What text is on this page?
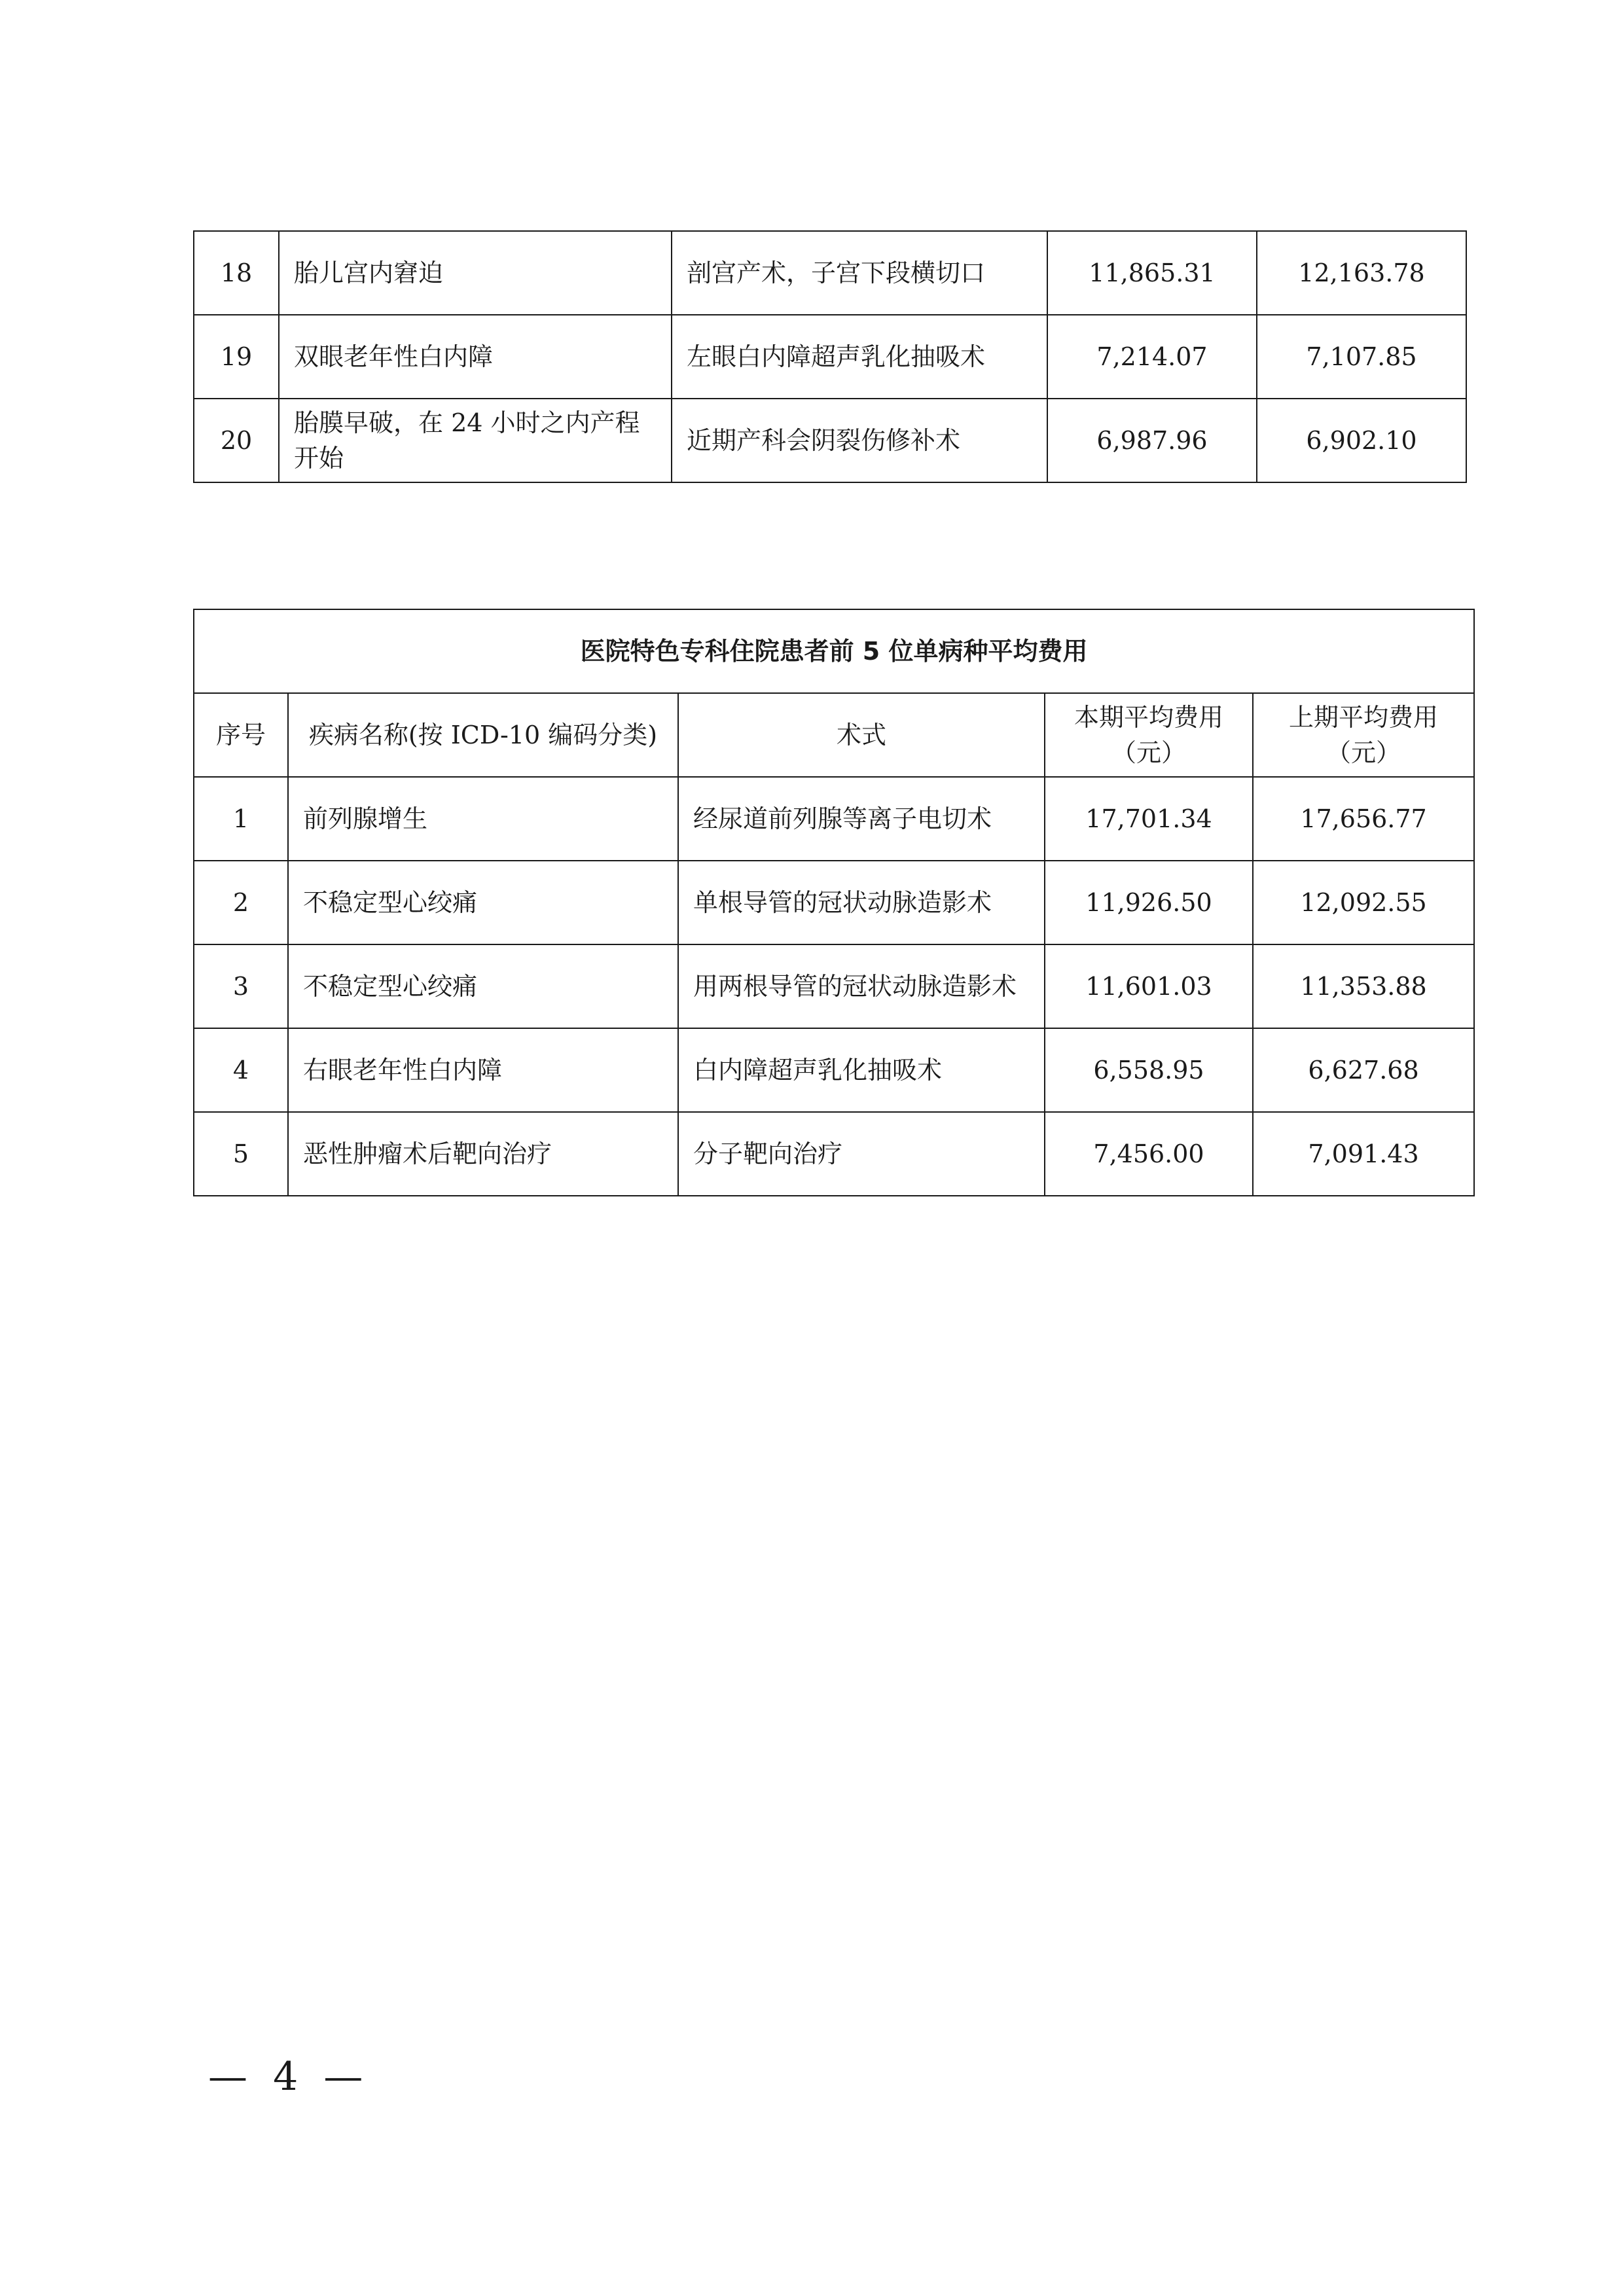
18	胎儿宫内窘迫	剖宫产术，子宫下段横切口	11,865.31	12,163.78
19	双眼老年性白内障	左眼白内障超声乳化抽吸术	7,214.07	7,107.85
20	胎膜早破，在 24 小时之内产程开始	近期产科会阴裂伤修补术	6,987.96	6,902.10
医院特色专科住院患者前 5 位单病种平均费用				
序号	疾病名称(按 ICD-10 编码分类)	术式	本期平均费用（元）	上期平均费用（元）
1	前列腺增生	经尿道前列腺等离子电切术	17,701.34	17,656.77
2	不稳定型心绞痛	单根导管的冠状动脉造影术	11,926.50	12,092.55
3	不稳定型心绞痛	用两根导管的冠状动脉造影术	11,601.03	11,353.88
4	右眼老年性白内障	白内障超声乳化抽吸术	6,558.95	6,627.68
5	恶性肿瘤术后靶向治疗	分子靶向治疗	7,456.00	7,091.43
— 4 —
